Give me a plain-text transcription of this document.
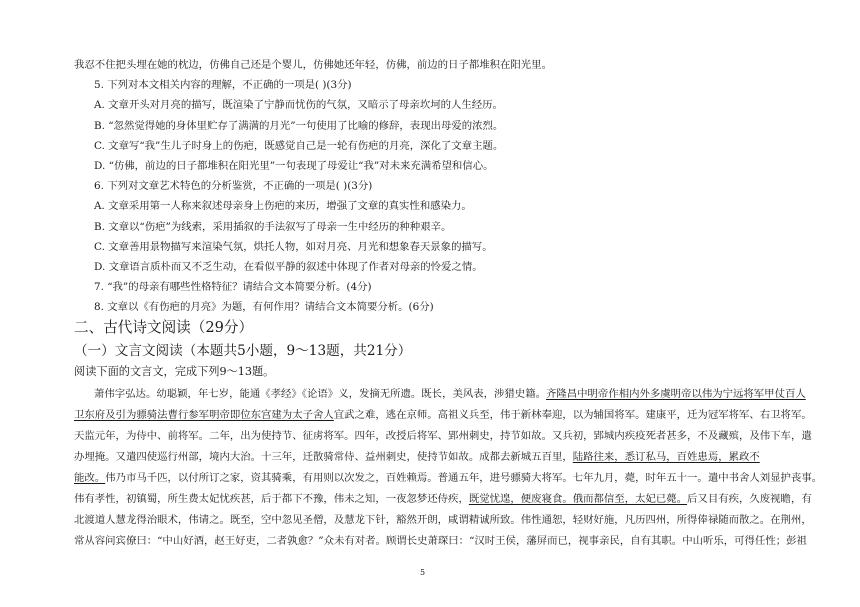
我忍不住把头埋在她的枕边，仿佛自己还是个婴儿，仿佛她还年轻，仿佛，前边的日子都堆积在阳光里。
5. 下列对本文相关内容的理解，不正确的一项是( )(3分)
A. 文章开头对月亮的描写，既渲染了宁静而忧伤的气氛，又暗示了母亲坎坷的人生经历。
B. “忽然觉得她的身体里贮存了满满的月光”一句使用了比喻的修辞，表现出母爱的浓烈。
C. 文章写“我”生儿子时身上的伤疤，既感觉自己是一轮有伤疤的月亮，深化了文章主题。
D. “仿佛，前边的日子都堆积在阳光里”一句表现了母爱让“我”对未来充满希望和信心。
6. 下列对文章艺术特色的分析鉴赏，不正确的一项是( )(3分)
A. 文章采用第一人称来叙述母亲身上伤疤的来历，增强了文章的真实性和感染力。
B. 文章以“伤疤”为线索，采用插叙的手法叙写了母亲一生中经历的种种艰辛。
C. 文章善用景物描写来渲染气氛，烘托人物，如对月亮、月光和想象春天景象的描写。
D. 文章语言质朴而又不乏生动，在看似平静的叙述中体现了作者对母亲的怜爱之情。
7. “我”的母亲有哪些性格特征？请结合文本简要分析。(4分)
8. 文章以《有伤疤的月亮》为题，有何作用？请结合文本简要分析。(6分)
二、古代诗文阅读（29分）
（一）文言文阅读（本题共5小题，9～13题，共21分）
阅读下面的文言文，完成下列9～13题。
萧伟字弘达。幼聪颖，年七岁，能通《孝经》《论语》义，发摘无所遗。既长，美风表，涉猎史籍。齐隆昌中明帝作相内外多虞明帝以伟为宁远将军甲仗百人
卫东府及引为骠骑法曹行参军明帝即位东宫建为太子舍人宜武之难，逃在京师。高祖义兵至，伟于新林奉迎，以为辅国将军。建康平，迁为冠军将军、右卫将军。
天监元年，为侍中、前将军。二年，出为使持节、征虏将军。四年，改授后将军、郢州刺史，持节如故。又兵初，郢城内疾疫死者甚多，不及藏殡，及伟下车，遣
办埋掩。又遣四使巡行州部，境内大治。十三年，迁散骑常侍、益州刺史，使持节如故。成都去新城五百里，陆路往来，悉订私马，百姓患焉，累政不
能改。伟乃市马千匹，以付所订之家，资其骑乘，有用则以次发之，百姓赖焉。普通五年，进号骠骑大将军。七年九月，薨，时年五十一。遣中书舍人刘显护丧事。
伟有孝性，初镇蜀，所生费太妃忧疾甚，后于都下不豫，伟未之知，一夜忽梦还侍疾，既觉忧遑，便废寝食。俄而都信至，太妃已薨。后又目有疾，久废视瞻，有
北渡道人慧龙得治眼术，伟请之。既至，空中忽见圣僧，及慧龙下针，豁然开朗，咸谓精诚所致。伟性通恕，轻财好施，凡历四州，所得俸禄随而散之。在荆州，
常从容问宾僚曰：“中山好酒，赵王好吏，二者孰愈？”众未有对者。顾谓长史萧琛曰：“汉时王侯，藩屏而已，视事亲民，自有其职。中山听乐，可得任性；彭祖
5
